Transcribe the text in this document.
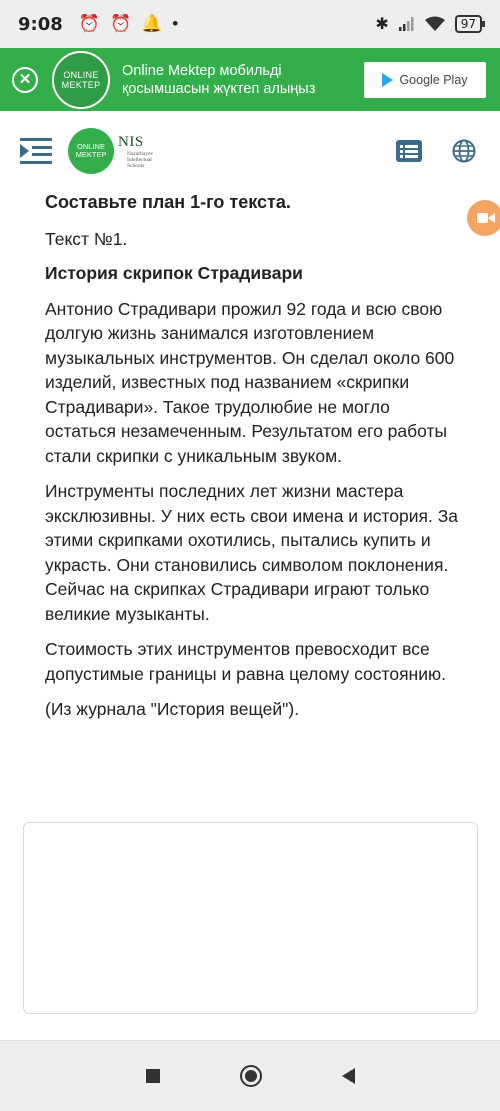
9:08 ⏰ ⏰ 🔔 •	✱	97
✕	ONLINE
MEKTEP
Online Mektep мобильді қосымшасын жүктеп алыңыз
Google Play
ONLINE
MEKTEP
NIS
Nazarbayev
Intellectual
Schools

Составьте план 1-го текста.

Текст №1.

История скрипок Страдивари

Антонио Страдивари прожил 92 года и всю свою долгую жизнь занимался изготовлением музыкальных инструментов. Он сделал около 600 изделий, известных под названием «скрипки Страдивари». Такое трудолюбие не могло остаться незамеченным. Результатом его работы стали скрипки с уникальным звуком.

Инструменты последних лет жизни мастера эксклюзивны. У них есть свои имена и история. За этими скрипками охотились, пытались купить и украсть. Они становились символом поклонения. Сейчас на скрипках Страдивари играют только великие музыканты.

Стоимость этих инструментов превосходит все допустимые границы и равна целому состоянию.

(Из журнала "История вещей").
